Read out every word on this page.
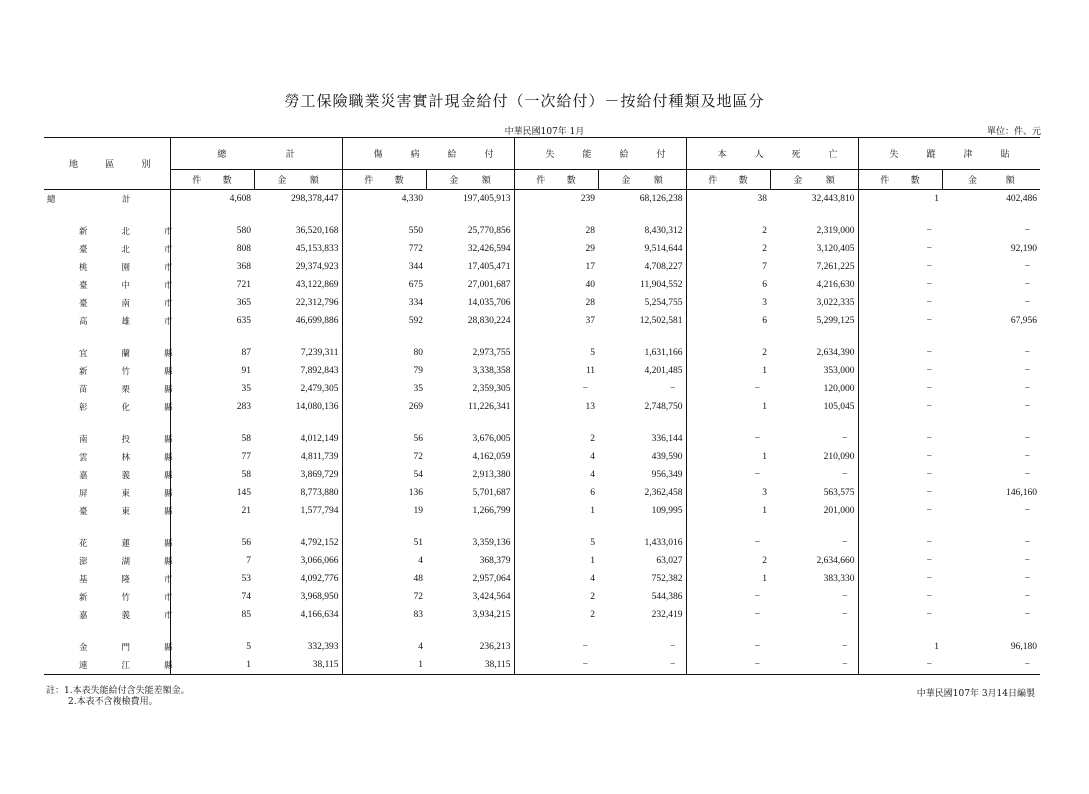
勞工保險職業災害實計現金給付（一次給付）－按給付種類及地區分
中華民國107年 1月	單位：件、元
地 區 別	總 計		傷 病 給 付		失 能 給 付		本 人 死 亡		失 蹤 津 貼	

件 數	金 額	件 數	金 額	件 數	金 額	件 數	金 額	件 數	金 額

總 計	4,608	298,378,447	4,330	197,405,913	239	68,126,238	38	32,443,810	1	402,486

新 北 市	580	36,520,168	550	25,770,856	28	8,430,312	2	2,319,000	−	−

臺 北 市	808	45,153,833	772	32,426,594	29	9,514,644	2	3,120,405	−	92,190

桃 園 市	368	29,374,923	344	17,405,471	17	4,708,227	7	7,261,225	−	−

臺 中 市	721	43,122,869	675	27,001,687	40	11,904,552	6	4,216,630	−	−

臺 南 市	365	22,312,796	334	14,035,706	28	5,254,755	3	3,022,335	−	−

高 雄 市	635	46,699,886	592	28,830,224	37	12,502,581	6	5,299,125	−	67,956

宜 蘭 縣	87	7,239,311	80	2,973,755	5	1,631,166	2	2,634,390	−	−

新 竹 縣	91	7,892,843	79	3,338,358	11	4,201,485	1	353,000	−	−

苗 栗 縣	35	2,479,305	35	2,359,305	−	−	−	120,000	−	−

彰 化 縣	283	14,080,136	269	11,226,341	13	2,748,750	1	105,045	−	−

南 投 縣	58	4,012,149	56	3,676,005	2	336,144	−	−	−	−

雲 林 縣	77	4,811,739	72	4,162,059	4	439,590	1	210,090	−	−

嘉 義 縣	58	3,869,729	54	2,913,380	4	956,349	−	−	−	−

屏 東 縣	145	8,773,880	136	5,701,687	6	2,362,458	3	563,575	−	146,160

臺 東 縣	21	1,577,794	19	1,266,799	1	109,995	1	201,000	−	−

花 蓮 縣	56	4,792,152	51	3,359,136	5	1,433,016	−	−	−	−

澎 湖 縣	7	3,066,066	4	368,379	1	63,027	2	2,634,660	−	−

基 隆 市	53	4,092,776	48	2,957,064	4	752,382	1	383,330	−	−

新 竹 市	74	3,968,950	72	3,424,564	2	544,386	−	−	−	−

嘉 義 市	85	4,166,634	83	3,934,215	2	232,419	−	−	−	−

金 門 縣	5	332,393	4	236,213	−	−	−	−	1	96,180

連 江 縣	1	38,115	1	38,115	−	−	−	−	−	−
註：1.本表失能給付含失能差額金。
2.本表不含複檢費用。
中華民國107年 3月14日編製
